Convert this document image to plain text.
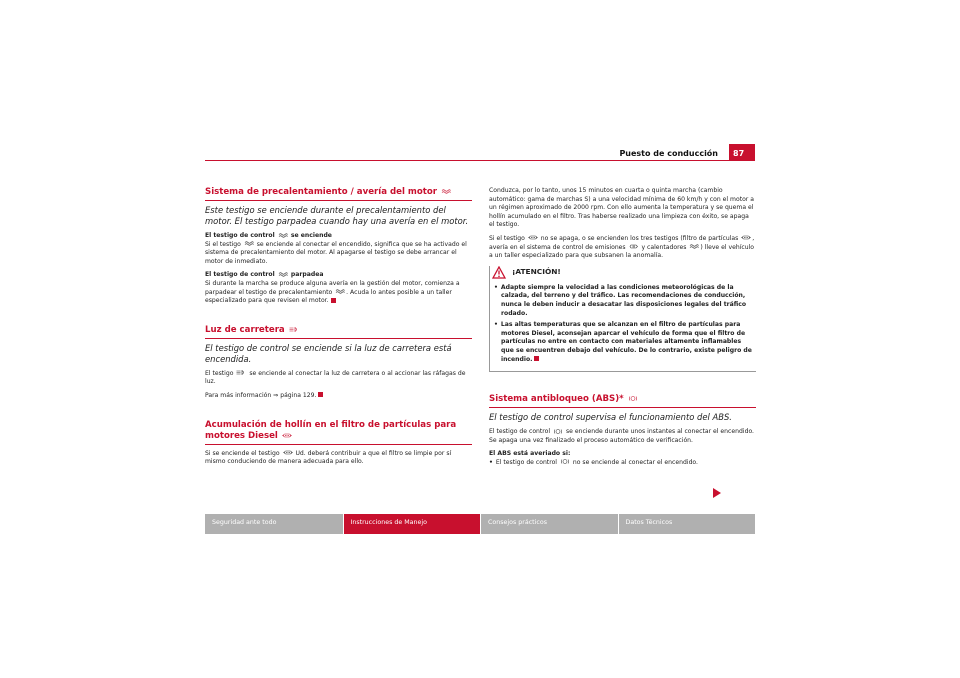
Puesto de conducción	87
Sistema de precalentamiento / avería del motor

Este testigo se enciende durante el precalentamiento del motor. El testigo parpadea cuando hay una avería en el motor.

El testigo de control	se enciende

Si el testigo	se enciende al conectar el encendido, significa que se ha activado el sistema de precalentamiento del motor. Al apagarse el testigo se debe arrancar el motor de inmediato.

El testigo de control	parpadea

Si durante la marcha se produce alguna avería en la gestión del motor, comienza a parpadear el testigo de precalentamiento . Acuda lo antes posible a un taller especializado para que revisen el motor.

Luz de carretera

El testigo de control se enciende si la luz de carretera está encendida.

El testigo	se enciende al conectar la luz de carretera o al accionar las ráfagas de luz.

Para más información ⇒ página 129.

Acumulación de hollín en el filtro de partículas para motores Diesel

Si se enciende el testigo	Ud. deberá contribuir a que el filtro se limpie por sí mismo conduciendo de manera adecuada para ello.

Conduzca, por lo tanto, unos 15 minutos en cuarta o quinta marcha (cambio automático: gama de marchas S) a una velocidad mínima de 60 km/h y con el motor a un régimen aproximado de 2000 rpm. Con ello aumenta la temperatura y se quema el hollín acumulado en el filtro. Tras haberse realizado una limpieza con éxito, se apaga el testigo.

Si el testigo	no se apaga, o se encienden los tres testigos (filtro de partículas , avería en el sistema de control de emisiones	y calentadores ) lleve el vehículo a un taller especializado para que subsanen la anomalía.

¡ATENCIÓN!

• Adapte siempre la velocidad a las condiciones meteorológicas de la calzada, del terreno y del tráfico. Las recomendaciones de conducción, nunca le deben inducir a desacatar las disposiciones legales del tráfico rodado.

• Las altas temperaturas que se alcanzan en el filtro de partículas para motores Diesel, aconsejan aparcar el vehículo de forma que el filtro de partículas no entre en contacto con materiales altamente inflamables que se encuentren debajo del vehículo. De lo contrario, existe peligro de incendio.

Sistema antibloqueo (ABS)*

El testigo de control supervisa el funcionamiento del ABS.

El testigo de control	se enciende durante unos instantes al conectar el encendido. Se apaga una vez finalizado el proceso automático de verificación.

El ABS está averiado si:

• El testigo de control	no se enciende al conectar el encendido.

Seguridad ante todo	Instrucciones de Manejo	Consejos prácticos	Datos Técnicos
